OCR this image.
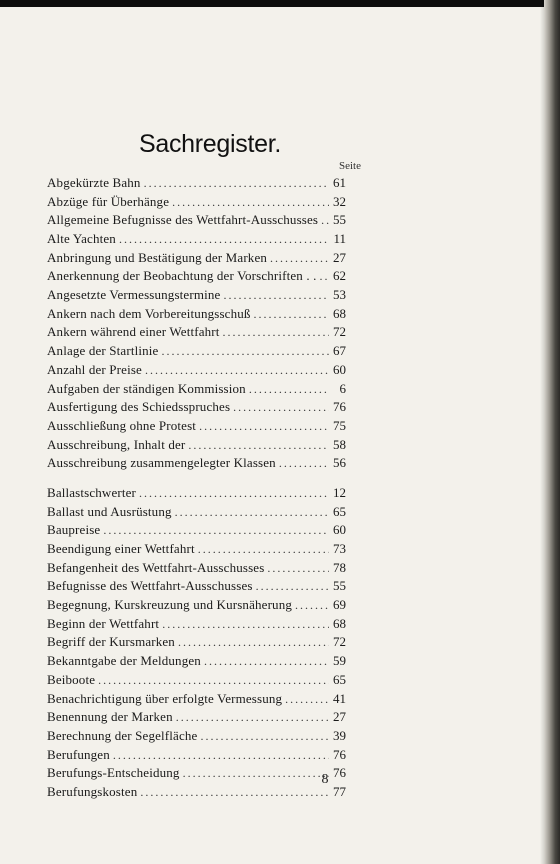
Sachregister.
Seite
Abgekürzte Bahn . . .	61
Abzüge für Überhänge . . .	32
Allgemeine Befugnisse des Wettfahrt-Ausschusses . . . 55
Alte Yachten . . .	11
Anbringung und Bestätigung der Marken . . .	27
Anerkennung der Beobachtung der Vorschriften . . . . . 62
Angesetzte Vermessungstermine . . .	53
Ankern nach dem Vorbereitungsschuß . . .	68
Ankern während einer Wettfahrt . . .	72
Anlage der Startlinie . . .	67
Anzahl der Preise . . .	60
Aufgaben der ständigen Kommission . . .	6
Ausfertigung des Schiedsspruches . . .	76
Ausschließung ohne Protest . . .	75
Ausschreibung, Inhalt der . . .	58
Ausschreibung zusammengelegter Klassen . . .	56
Ballastschwerter . . .	12
Ballast und Ausrüstung . . .	65
Baupreise . . .	60
Beendigung einer Wettfahrt . . .	73
Befangenheit des Wettfahrt-Ausschusses . . .	78
Befugnisse des Wettfahrt-Ausschusses . . .	55
Begegnung, Kurskreuzung und Kursnäherung . . .	69
Beginn der Wettfahrt . . .	68
Begriff der Kursmarken . . .	72
Bekanntgabe der Meldungen . . .	59
Beiboote . . .	65
Benachrichtigung über erfolgte Vermessung . . .	41
Benennung der Marken . . .	27
Berechnung der Segelfläche . . .	39
Berufungen . . .	76
Berufungs-Entscheidung . . .	76
Berufungskosten . . .	77
8
